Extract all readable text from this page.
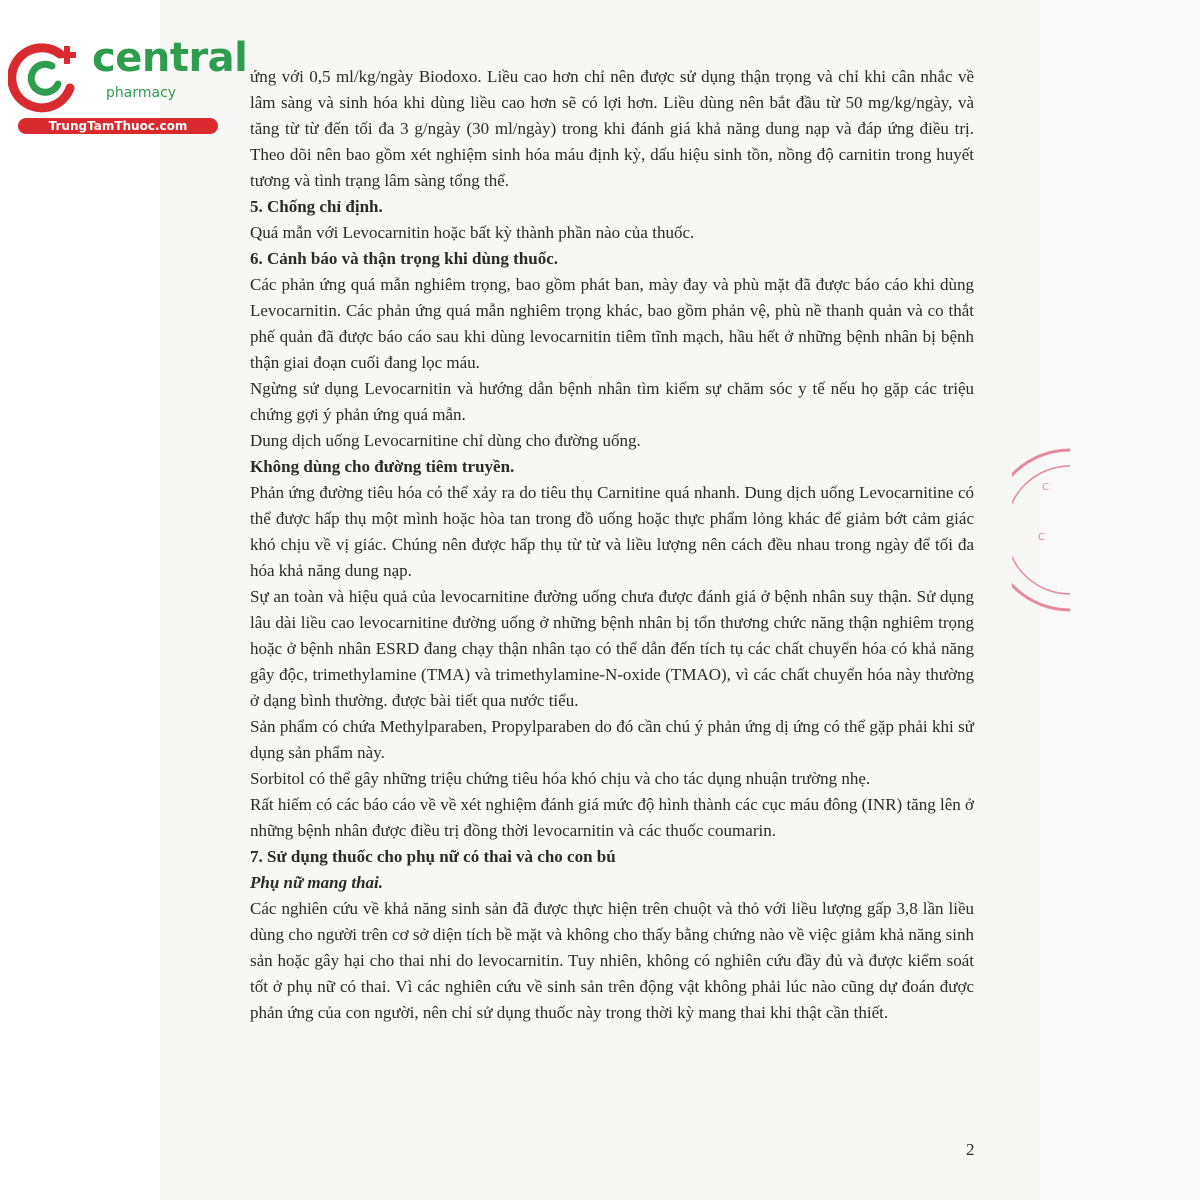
central
pharmacy
TrungTamThuoc.com

ứng với 0,5 ml/kg/ngày Biodoxo. Liều cao hơn chỉ nên được sử dụng thận trọng và chỉ khi cân nhắc về lâm sàng và sinh hóa khi dùng liều cao hơn sẽ có lợi hơn. Liều dùng nên bắt đầu từ 50 mg/kg/ngày, và tăng từ từ đến tối đa 3 g/ngày (30 ml/ngày) trong khi đánh giá khả năng dung nạp và đáp ứng điều trị. Theo dõi nên bao gồm xét nghiệm sinh hóa máu định kỳ, dấu hiệu sinh tồn, nồng độ carnitin trong huyết tương và tình trạng lâm sàng tổng thể.

5. Chống chỉ định.

Quá mẫn với Levocarnitin hoặc bất kỳ thành phần nào của thuốc.

6. Cảnh báo và thận trọng khi dùng thuốc.

Các phản ứng quá mẫn nghiêm trọng, bao gồm phát ban, mày đay và phù mặt đã được báo cáo khi dùng Levocarnitin. Các phản ứng quá mẫn nghiêm trọng khác, bao gồm phản vệ, phù nề thanh quản và co thắt phế quản đã được báo cáo sau khi dùng levocarnitin tiêm tĩnh mạch, hầu hết ở những bệnh nhân bị bệnh thận giai đoạn cuối đang lọc máu.

Ngừng sử dụng Levocarnitin và hướng dẫn bệnh nhân tìm kiếm sự chăm sóc y tế nếu họ gặp các triệu chứng gợi ý phản ứng quá mẫn.

Dung dịch uống Levocarnitine chỉ dùng cho đường uống.

Không dùng cho đường tiêm truyền.

Phản ứng đường tiêu hóa có thể xảy ra do tiêu thụ Carnitine quá nhanh. Dung dịch uống Levocarnitine có thể được hấp thụ một mình hoặc hòa tan trong đồ uống hoặc thực phẩm lỏng khác để giảm bớt cảm giác khó chịu về vị giác. Chúng nên được hấp thụ từ từ và liều lượng nên cách đều nhau trong ngày để tối đa hóa khả năng dung nạp.

Sự an toàn và hiệu quả của levocarnitine đường uống chưa được đánh giá ở bệnh nhân suy thận. Sử dụng lâu dài liều cao levocarnitine đường uống ở những bệnh nhân bị tổn thương chức năng thận nghiêm trọng hoặc ở bệnh nhân ESRD đang chạy thận nhân tạo có thể dẫn đến tích tụ các chất chuyển hóa có khả năng gây độc, trimethylamine (TMA) và trimethylamine-N-oxide (TMAO), vì các chất chuyển hóa này thường ở dạng bình thường. được bài tiết qua nước tiểu.

Sản phẩm có chứa Methylparaben, Propylparaben do đó cần chú ý phản ứng dị ứng có thể gặp phải khi sử dụng sản phẩm này.

Sorbitol có thể gây những triệu chứng tiêu hóa khó chịu và cho tác dụng nhuận trường nhẹ.

Rất hiếm có các báo cáo về về xét nghiệm đánh giá mức độ hình thành các cục máu đông (INR) tăng lên ở những bệnh nhân được điều trị đồng thời levocarnitin và các thuốc coumarin.

7. Sử dụng thuốc cho phụ nữ có thai và cho con bú

Phụ nữ mang thai.

Các nghiên cứu về khả năng sinh sản đã được thực hiện trên chuột và thỏ với liều lượng gấp 3,8 lần liều dùng cho người trên cơ sở diện tích bề mặt và không cho thấy bằng chứng nào về việc giảm khả năng sinh sản hoặc gây hại cho thai nhi do levocarnitin. Tuy nhiên, không có nghiên cứu đầy đủ và được kiểm soát tốt ở phụ nữ có thai. Vì các nghiên cứu về sinh sản trên động vật không phải lúc nào cũng dự đoán được phản ứng của con người, nên chỉ sử dụng thuốc này trong thời kỳ mang thai khi thật cần thiết.

2
C
C
